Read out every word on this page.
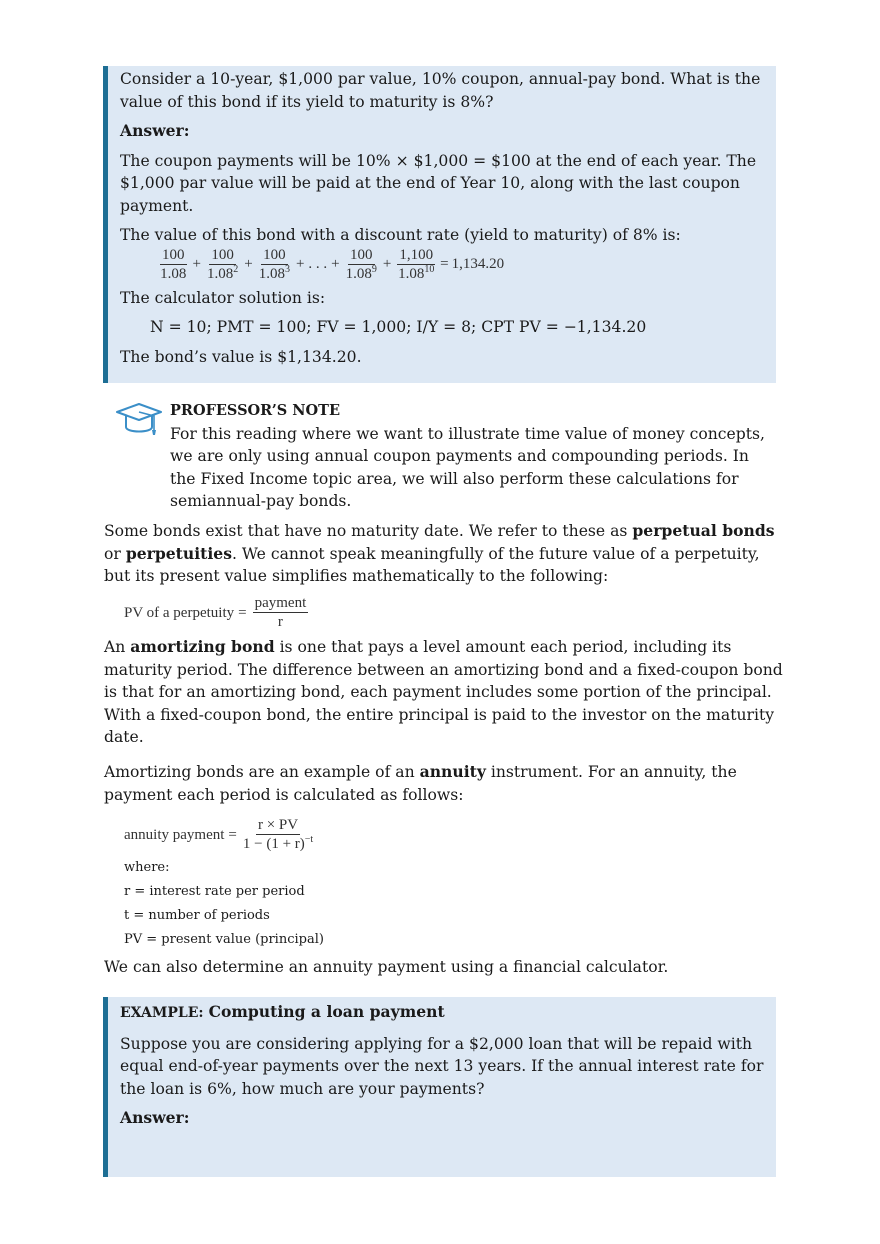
Consider a 10-year, $1,000 par value, 10% coupon, annual-pay bond. What is the value of this bond if its yield to maturity is 8%?

Answer:

The coupon payments will be 10% × $1,000 = $100 at the end of each year. The $1,000 par value will be paid at the end of Year 10, along with the last coupon payment.

The value of this bond with a discount rate (yield to maturity) of 8% is:

$\frac{100}{1.08} + \frac{100}{1.08^2} + \frac{100}{1.08^3}$ + . . . + $\frac{100}{1.08^9} + \frac{1,100}{1.08^{10}} = 1,134.20$

The calculator solution is:

N = 10; PMT = 100; FV = 1,000; I/Y = 8; CPT PV = −1,134.20

The bond’s value is $1,134.20.

PROFESSOR’S NOTE
For this reading where we want to illustrate time value of money concepts, we are only using annual coupon payments and compounding periods. In the Fixed Income topic area, we will also perform these calculations for semiannual-pay bonds.

Some bonds exist that have no maturity date. We refer to these as perpetual bonds or perpetuities. We cannot speak meaningfully of the future value of a perpetuity, but its present value simplifies mathematically to the following:

PV of a perpetuity = $\frac{\text{payment}}{r}$

An amortizing bond is one that pays a level amount each period, including its maturity period. The difference between an amortizing bond and a fixed-coupon bond is that for an amortizing bond, each payment includes some portion of the principal. With a fixed-coupon bond, the entire principal is paid to the investor on the maturity date.

Amortizing bonds are an example of an annuity instrument. For an annuity, the payment each period is calculated as follows:

annuity payment = $\frac{r \times PV}{1 - (1 + r)^{-t}}$

where:

r = interest rate per period

t = number of periods

PV = present value (principal)

We can also determine an annuity payment using a financial calculator.

EXAMPLE: Computing a loan payment

Suppose you are considering applying for a $2,000 loan that will be repaid with equal end-of-year payments over the next 13 years. If the annual interest rate for the loan is 6%, how much are your payments?

Answer:
